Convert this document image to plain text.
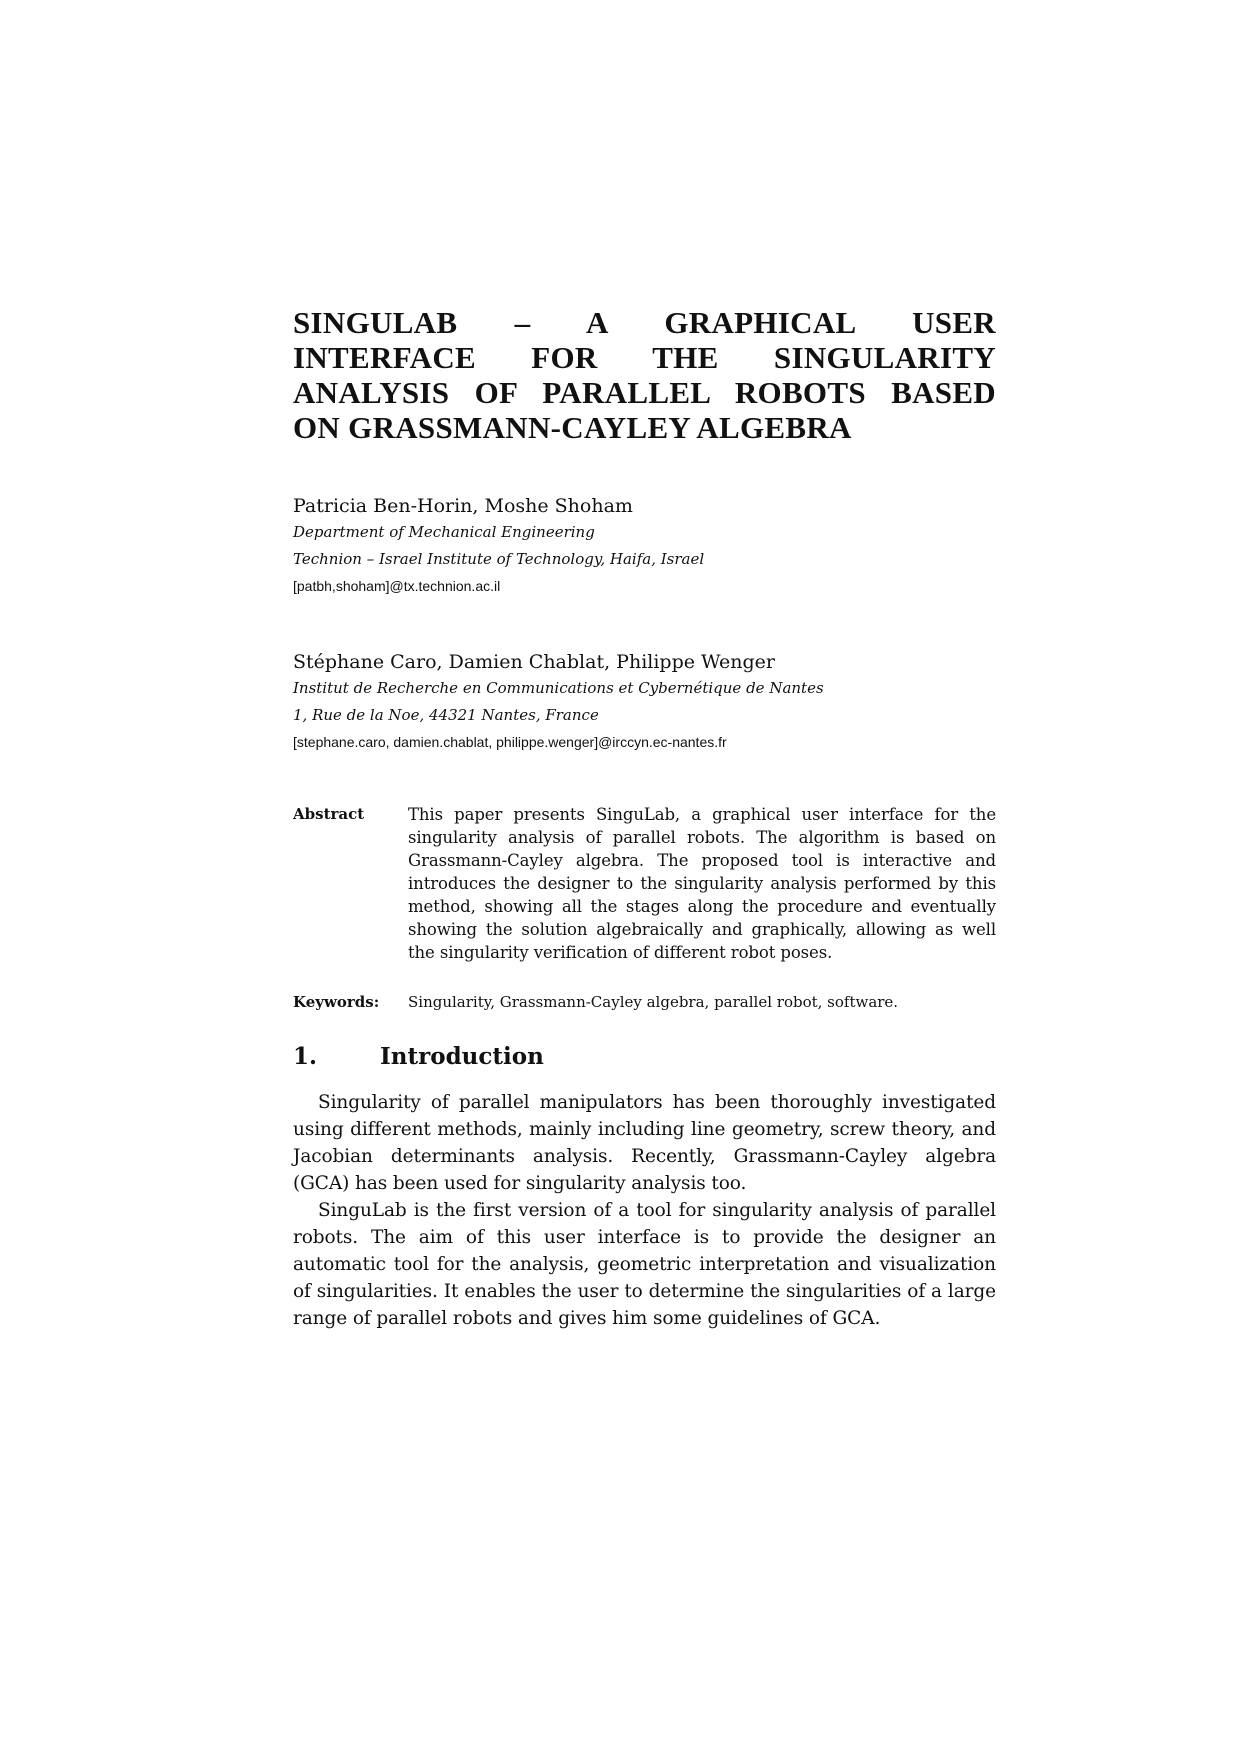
SINGULAB – A GRAPHICAL USER
INTERFACE FOR THE SINGULARITY
ANALYSIS OF PARALLEL ROBOTS BASED
ON GRASSMANN-CAYLEY ALGEBRA
Patricia Ben-Horin, Moshe Shoham
Department of Mechanical Engineering
Technion – Israel Institute of Technology, Haifa, Israel
[patbh,shoham]@tx.technion.ac.il
Stéphane Caro, Damien Chablat, Philippe Wenger
Institut de Recherche en Communications et Cybernétique de Nantes
1, Rue de la Noe, 44321 Nantes, France
[stephane.caro, damien.chablat, philippe.wenger]@irccyn.ec-nantes.fr
Abstract	This paper presents SinguLab, a graphical user interface for the singularity analysis of parallel robots. The algorithm is based on Grassmann-Cayley algebra. The proposed tool is interactive and introduces the designer to the singularity analysis performed by this method, showing all the stages along the procedure and eventually showing the solution algebraically and graphically, allowing as well the singularity verification of different robot poses.
Keywords:	Singularity, Grassmann-Cayley algebra, parallel robot, software.
1.	Introduction

Singularity of parallel manipulators has been thoroughly investigated using different methods, mainly including line geometry, screw theory, and Jacobian determinants analysis. Recently, Grassmann-Cayley algebra (GCA) has been used for singularity analysis too.

SinguLab is the first version of a tool for singularity analysis of parallel robots. The aim of this user interface is to provide the designer an automatic tool for the analysis, geometric interpretation and visualization of singularities. It enables the user to determine the singularities of a large range of parallel robots and gives him some guidelines of GCA.
